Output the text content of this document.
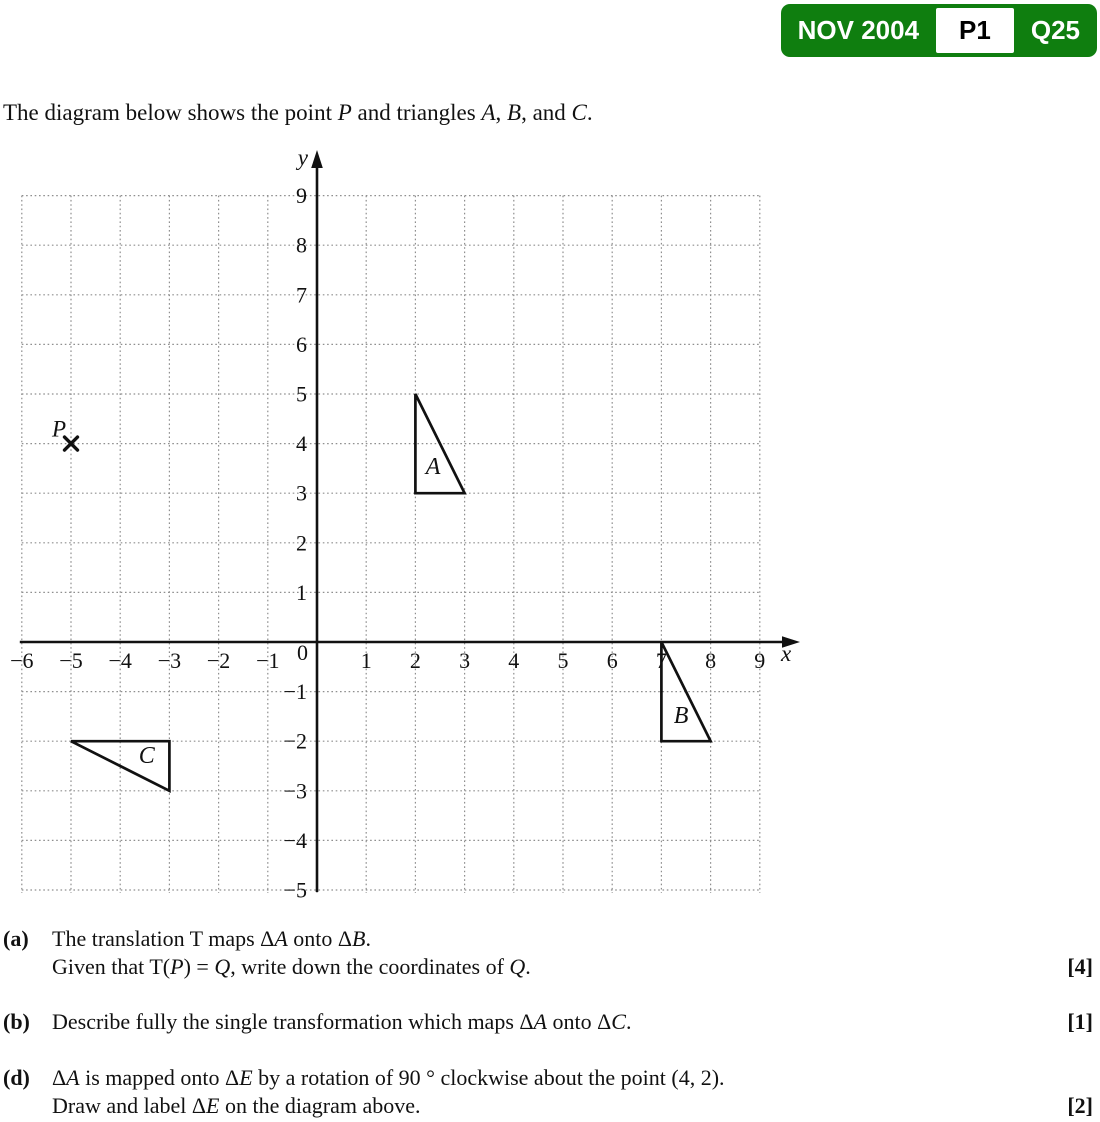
NOV 2004	P1	Q25

The diagram below shows the point P and triangles A, B, and C.

−6 −5 −4 −3 −2 −1	1 2 3 4 5 6 7 8 9
9
8
7
6
5
4
3
2
1
−1
−2
−3
−4
−5
0
y
x
A
B
C
P
(a)	The translation T maps ΔA onto ΔB.
Given that T(P) = Q, write down the coordinates of Q.	[4]
(b)	Describe fully the single transformation which maps ΔA onto ΔC.	[1]
(d)	ΔA is mapped onto ΔE by a rotation of 90 ° clockwise about the point (4, 2).
Draw and label ΔE on the diagram above.	[2]
